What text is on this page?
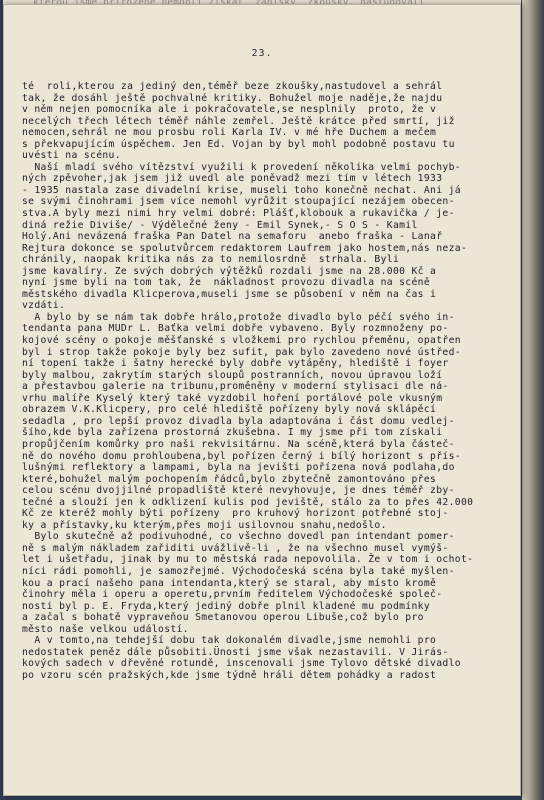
23.
té  roli,kterou za jediný den,téměř beze zkoušky,nastudovel a sehrál
tak, že dosáhl ještě pochvalné kritiky. Bohužel moje naděje,že najdu
v něm nejen pomocníka ale i pokračovatele,se nesplnily  proto, že v
necelých třech létech téměř náhle zemřel. Ještě krátce před smrtí, již
nemocen,sehrál ne mou prosbu roli Karla IV. v mé hře Duchem a mečem
s překvapujícím úspěchem. Jen Ed. Vojan by byl mohl podobně postavu tu
uvésti na scénu.
Naší mladí svého vítězství využili k provedení několika velmi pochyb-
ných zpěvoher,jak jsem již uvedl ale poněvadž mezi tím v létech 1933
- 1935 nastala zase divadelní krise, museli toho konečně nechat. Ani já
se svými činohrami jsem více nemohl vyrůžit stoupající nezájem obecen-
stva.A byly mezi nimi hry velmi dobré: Plášť,klobouk a rukavička / je-
diná režie Diviše/ - Výdělečné ženy - Emil Synek,- S O S - Kamil
Holý.Ani nevázená fraška Pan Datel na semaforu  anebo fraška - Lanař
Rejtura dokonce se spolutvůrcem redaktorem Laufrem jako hostem,nás neza-
chránily, naopak kritika nás za to nemilosrdně  strhala. Byli
jsme kavalíry. Ze svých dobrých výtěžků rozdali jsme na 28.000 Kč a
nyní jsme byli na tom tak, že  nákladnost provozu divadla na scéně
městského divadla Klicperova,museli jsme se působení v něm na čas i
vzdáti.
A bylo by se nám tak dobře hrálo,protože divadlo bylo péčí svého in-
tendanta pana MUDr L. Baťka velmi dobře vybaveno. Byly rozmnoženy po-
kojové scény o pokoje měšťanské s vložkemi pro rychlou přeměnu, opatřen
byl i strop takže pokoje byly bez sufit, pak bylo zavedeno nové ústřed-
ní topení takže i šatny herecké byly dobře vytápěny, hlediště i foyer
byly malbou, zakrytím starých sloupů postranních, novou úpravou loží
a přestavbou galerie na tribunu,proměněny v moderní stylisaci dle ná-
vrhu malíře Kyselý který také vyzdobil hoření portálové pole vkusným
obrazem V.K.Klicpery, pro celé hlediště pořízeny byly nová sklápěcí
sedadla , pro lepší provoz divadla byla adaptována i část domu vedlej-
šího,kde byla zařízena prostorná zkušebna. I my jsme při tom získali
propůjčením komůrky pro naši rekvisitárnu. Na scéně,která byla částeč-
ně do nového domu prohloubena,byl pořízen černý i bílý horizont s přís-
lušnými reflektory a lampami, byla na jevišti pořízena nová podlaha,do
které,bohužel malým pochopením řádců,bylo zbytečně zamontováno přes
celou scénu dvojjilné propadliště které nevyhovuje, je dnes téměř zby-
tečné a slouží jen k odklizení kulis pod jeviště, stálo za to přes 42.000
Kč ze kteréž mohly býti pořízeny  pro kruhový horizont potřebné stoj-
ky a přístavky,ku kterým,přes moji usilovnou snahu,nedošlo.
Bylo skutečně až podivuhodné, co všechno dovedl pan intendant pomer-
ně s malým nákladem zařiditi uvážlivě-li , že na všechno musel vymýš-
let i ušetřadu, jinak by mu to městská rada nepovolila. Že v tom i ochot-
níci rádi pomohli, je samozřejmé. Východočeská scéna byla také myšlen-
kou a prací našeho pana intendanta,který se staral, aby místo kromě
činohry měla i operu a operetu,prvním ředitelem Východočeské společ-
nosti byl p. E. Fryda,který jediný dobře plnil kladené mu podmínky
a začal s bohatě vypraveňou Smetanovou operou Libuše,což bylo pro
město naše velkou událostí.
A v tomto,na tehdejší dobu tak dokonalém divadle,jsme nemohli pro
nedostatek peněz dále působiti.Ünosti jsme však nezastavili. V Jirás-
kových sadech v dřevěné rotundě, inscenovali jsme Tylovo dětské divadlo
po vzoru scén pražských,kde jsme týdně hráli dětem pohádky a radost
